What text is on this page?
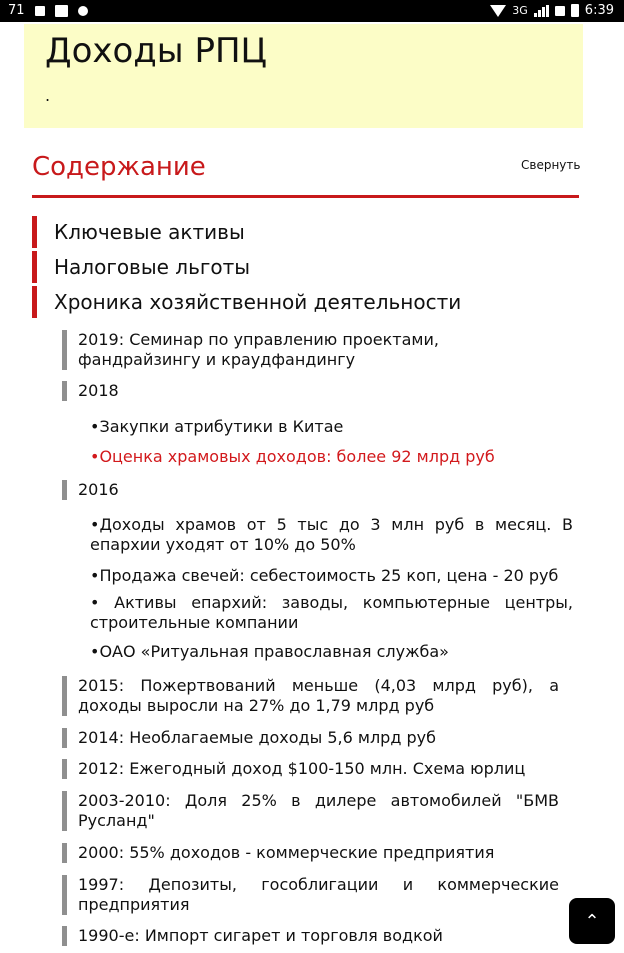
71	3G	6:39
Доходы РПЦ
.
Содержание	Свернуть
Ключевые активы
Налоговые льготы
Хроника хозяйственной деятельности
2019: Семинар по управлению проектами, фандрайзингу и краудфандингу
2018
•Закупки атрибутики в Китае
•Оценка храмовых доходов: более 92 млрд руб
2016
•Доходы храмов от 5 тыс до 3 млн руб в месяц. В епархии уходят от 10% до 50%
•Продажа свечей: себестоимость 25 коп, цена - 20 руб
• Активы епархий: заводы, компьютерные центры, строительные компании
•ОАО «Ритуальная православная служба»
2015: Пожертвований меньше (4,03 млрд руб), а доходы выросли на 27% до 1,79 млрд руб
2014: Необлагаемые доходы 5,6 млрд руб
2012: Ежегодный доход $100-150 млн. Схема юрлиц
2003-2010: Доля 25% в дилере автомобилей "БМВ Русланд"
2000: 55% доходов - коммерческие предприятия
1997: Депозиты, гособлигации и коммерческие предприятия
1990-е: Импорт сигарет и торговля водкой
⌃
